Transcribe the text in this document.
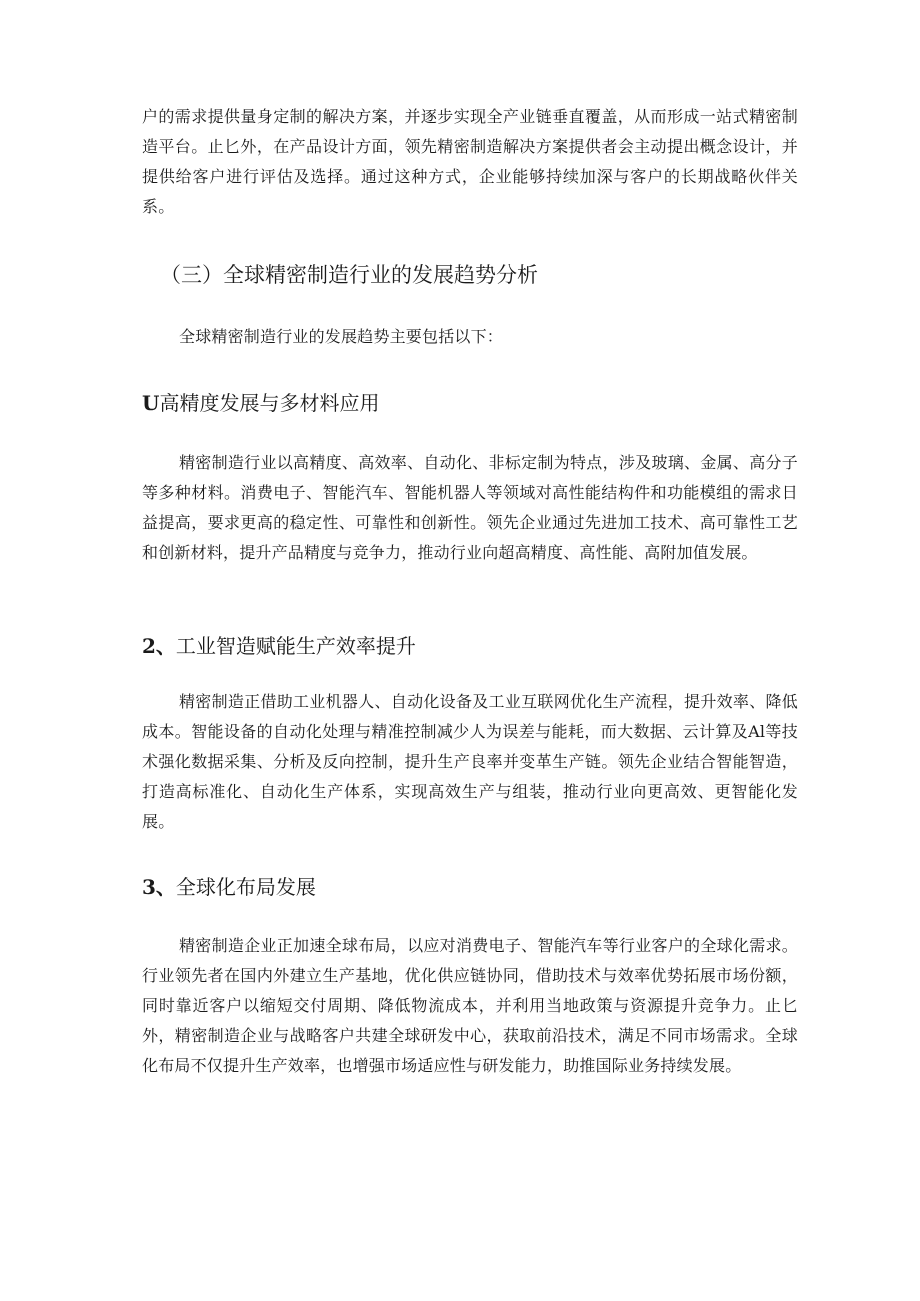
户的需求提供量身定制的解决方案，并逐步实现全产业链垂直覆盖，从而形成一站式精密制造平台。止匕外，在产品设计方面，领先精密制造解决方案提供者会主动提出概念设计，并提供给客户进行评估及选择。通过这种方式，企业能够持续加深与客户的长期战略伙伴关系。

（三）全球精密制造行业的发展趋势分析

全球精密制造行业的发展趋势主要包括以下：

U高精度发展与多材料应用

精密制造行业以高精度、高效率、自动化、非标定制为特点，涉及玻璃、金属、高分子等多种材料。消费电子、智能汽车、智能机器人等领域对高性能结构件和功能模组的需求日益提高，要求更高的稳定性、可靠性和创新性。领先企业通过先进加工技术、高可靠性工艺和创新材料，提升产品精度与竞争力，推动行业向超高精度、高性能、高附加值发展。

2、工业智造赋能生产效率提升

精密制造正借助工业机器人、自动化设备及工业互联网优化生产流程，提升效率、降低成本。智能设备的自动化处理与精准控制减少人为误差与能耗，而大数据、云计算及Al等技术强化数据采集、分析及反向控制，提升生产良率并变革生产链。领先企业结合智能智造，打造高标准化、自动化生产体系，实现高效生产与组装，推动行业向更高效、更智能化发展。

3、全球化布局发展

精密制造企业正加速全球布局，以应对消费电子、智能汽车等行业客户的全球化需求。行业领先者在国内外建立生产基地，优化供应链协同，借助技术与效率优势拓展市场份额，同时靠近客户以缩短交付周期、降低物流成本，并利用当地政策与资源提升竞争力。止匕外，精密制造企业与战略客户共建全球研发中心，获取前沿技术，满足不同市场需求。全球化布局不仅提升生产效率，也增强市场适应性与研发能力，助推国际业务持续发展。
